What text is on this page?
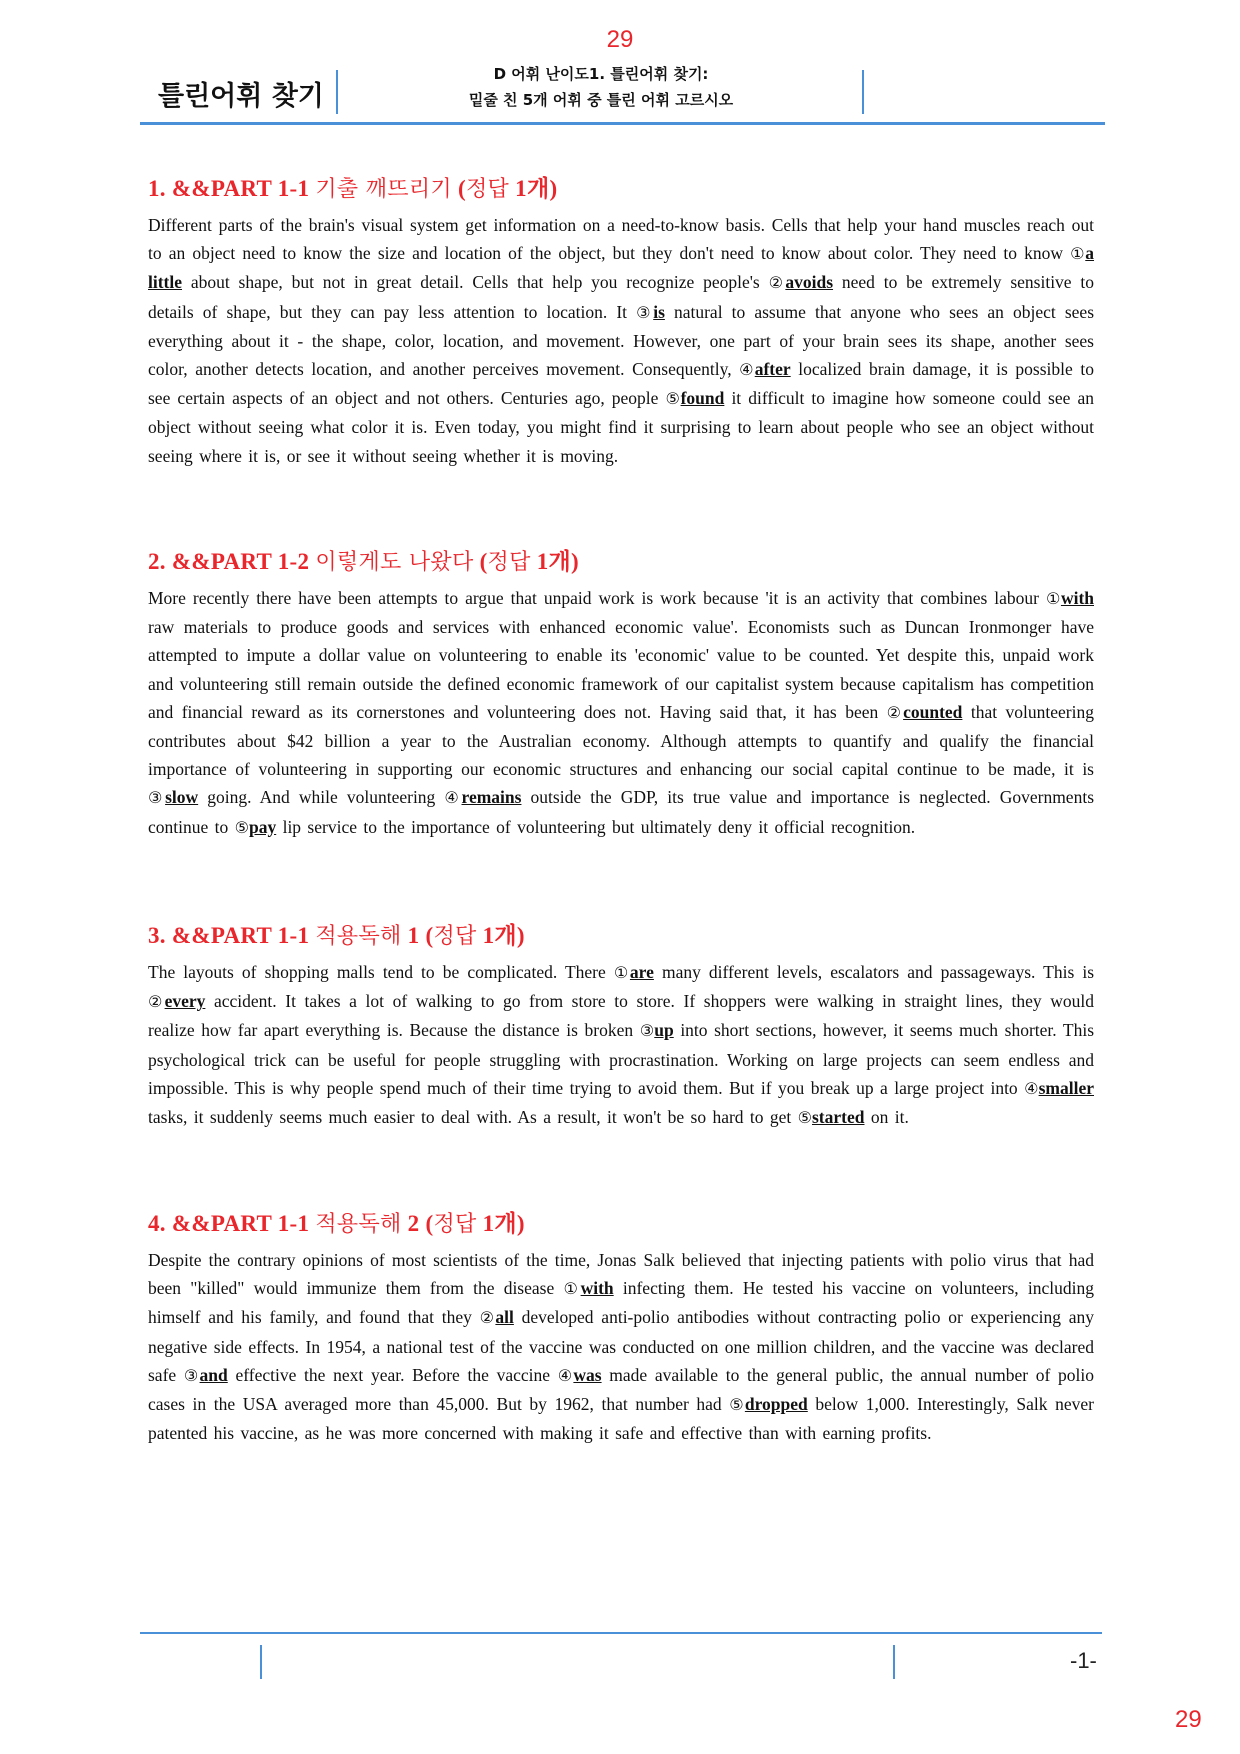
29
틀린어휘 찾기
D 어휘 난이도1. 틀린어휘 찾기:
밑줄 친 5개 어휘 중 틀린 어휘 고르시오
1. &&PART 1-1 기출 깨뜨리기 (정답 1개)

Different parts of the brain's visual system get information on a need-to-know basis. Cells that help your hand muscles reach out to an object need to know the size and location of the object, but they don't need to know about color. They need to know ①a little about shape, but not in great detail. Cells that help you recognize people's ②avoids need to be extremely sensitive to details of shape, but they can pay less attention to location. It ③is natural to assume that anyone who sees an object sees everything about it - the shape, color, location, and movement. However, one part of your brain sees its shape, another sees color, another detects location, and another perceives movement. Consequently, ④after localized brain damage, it is possible to see certain aspects of an object and not others. Centuries ago, people ⑤found it difficult to imagine how someone could see an object without seeing what color it is. Even today, you might find it surprising to learn about people who see an object without seeing where it is, or see it without seeing whether it is moving.

2. &&PART 1-2 이렇게도 나왔다 (정답 1개)

More recently there have been attempts to argue that unpaid work is work because 'it is an activity that combines labour ①with raw materials to produce goods and services with enhanced economic value'. Economists such as Duncan Ironmonger have attempted to impute a dollar value on volunteering to enable its 'economic' value to be counted. Yet despite this, unpaid work and volunteering still remain outside the defined economic framework of our capitalist system because capitalism has competition and financial reward as its cornerstones and volunteering does not. Having said that, it has been ②counted that volunteering contributes about $42 billion a year to the Australian economy. Although attempts to quantify and qualify the financial importance of volunteering in supporting our economic structures and enhancing our social capital continue to be made, it is ③slow going. And while volunteering ④remains outside the GDP, its true value and importance is neglected. Governments continue to ⑤pay lip service to the importance of volunteering but ultimately deny it official recognition.

3. &&PART 1-1 적용독해 1 (정답 1개)

The layouts of shopping malls tend to be complicated. There ①are many different levels, escalators and passageways. This is ②every accident. It takes a lot of walking to go from store to store. If shoppers were walking in straight lines, they would realize how far apart everything is. Because the distance is broken ③up into short sections, however, it seems much shorter. This psychological trick can be useful for people struggling with procrastination. Working on large projects can seem endless and impossible. This is why people spend much of their time trying to avoid them. But if you break up a large project into ④smaller tasks, it suddenly seems much easier to deal with. As a result, it won't be so hard to get ⑤started on it.

4. &&PART 1-1 적용독해 2 (정답 1개)

Despite the contrary opinions of most scientists of the time, Jonas Salk believed that injecting patients with polio virus that had been "killed" would immunize them from the disease ①with infecting them. He tested his vaccine on volunteers, including himself and his family, and found that they ②all developed anti-polio antibodies without contracting polio or experiencing any negative side effects. In 1954, a national test of the vaccine was conducted on one million children, and the vaccine was declared safe ③and effective the next year. Before the vaccine ④was made available to the general public, the annual number of polio cases in the USA averaged more than 45,000. But by 1962, that number had ⑤dropped below 1,000. Interestingly, Salk never patented his vaccine, as he was more concerned with making it safe and effective than with earning profits.

-1-
29
